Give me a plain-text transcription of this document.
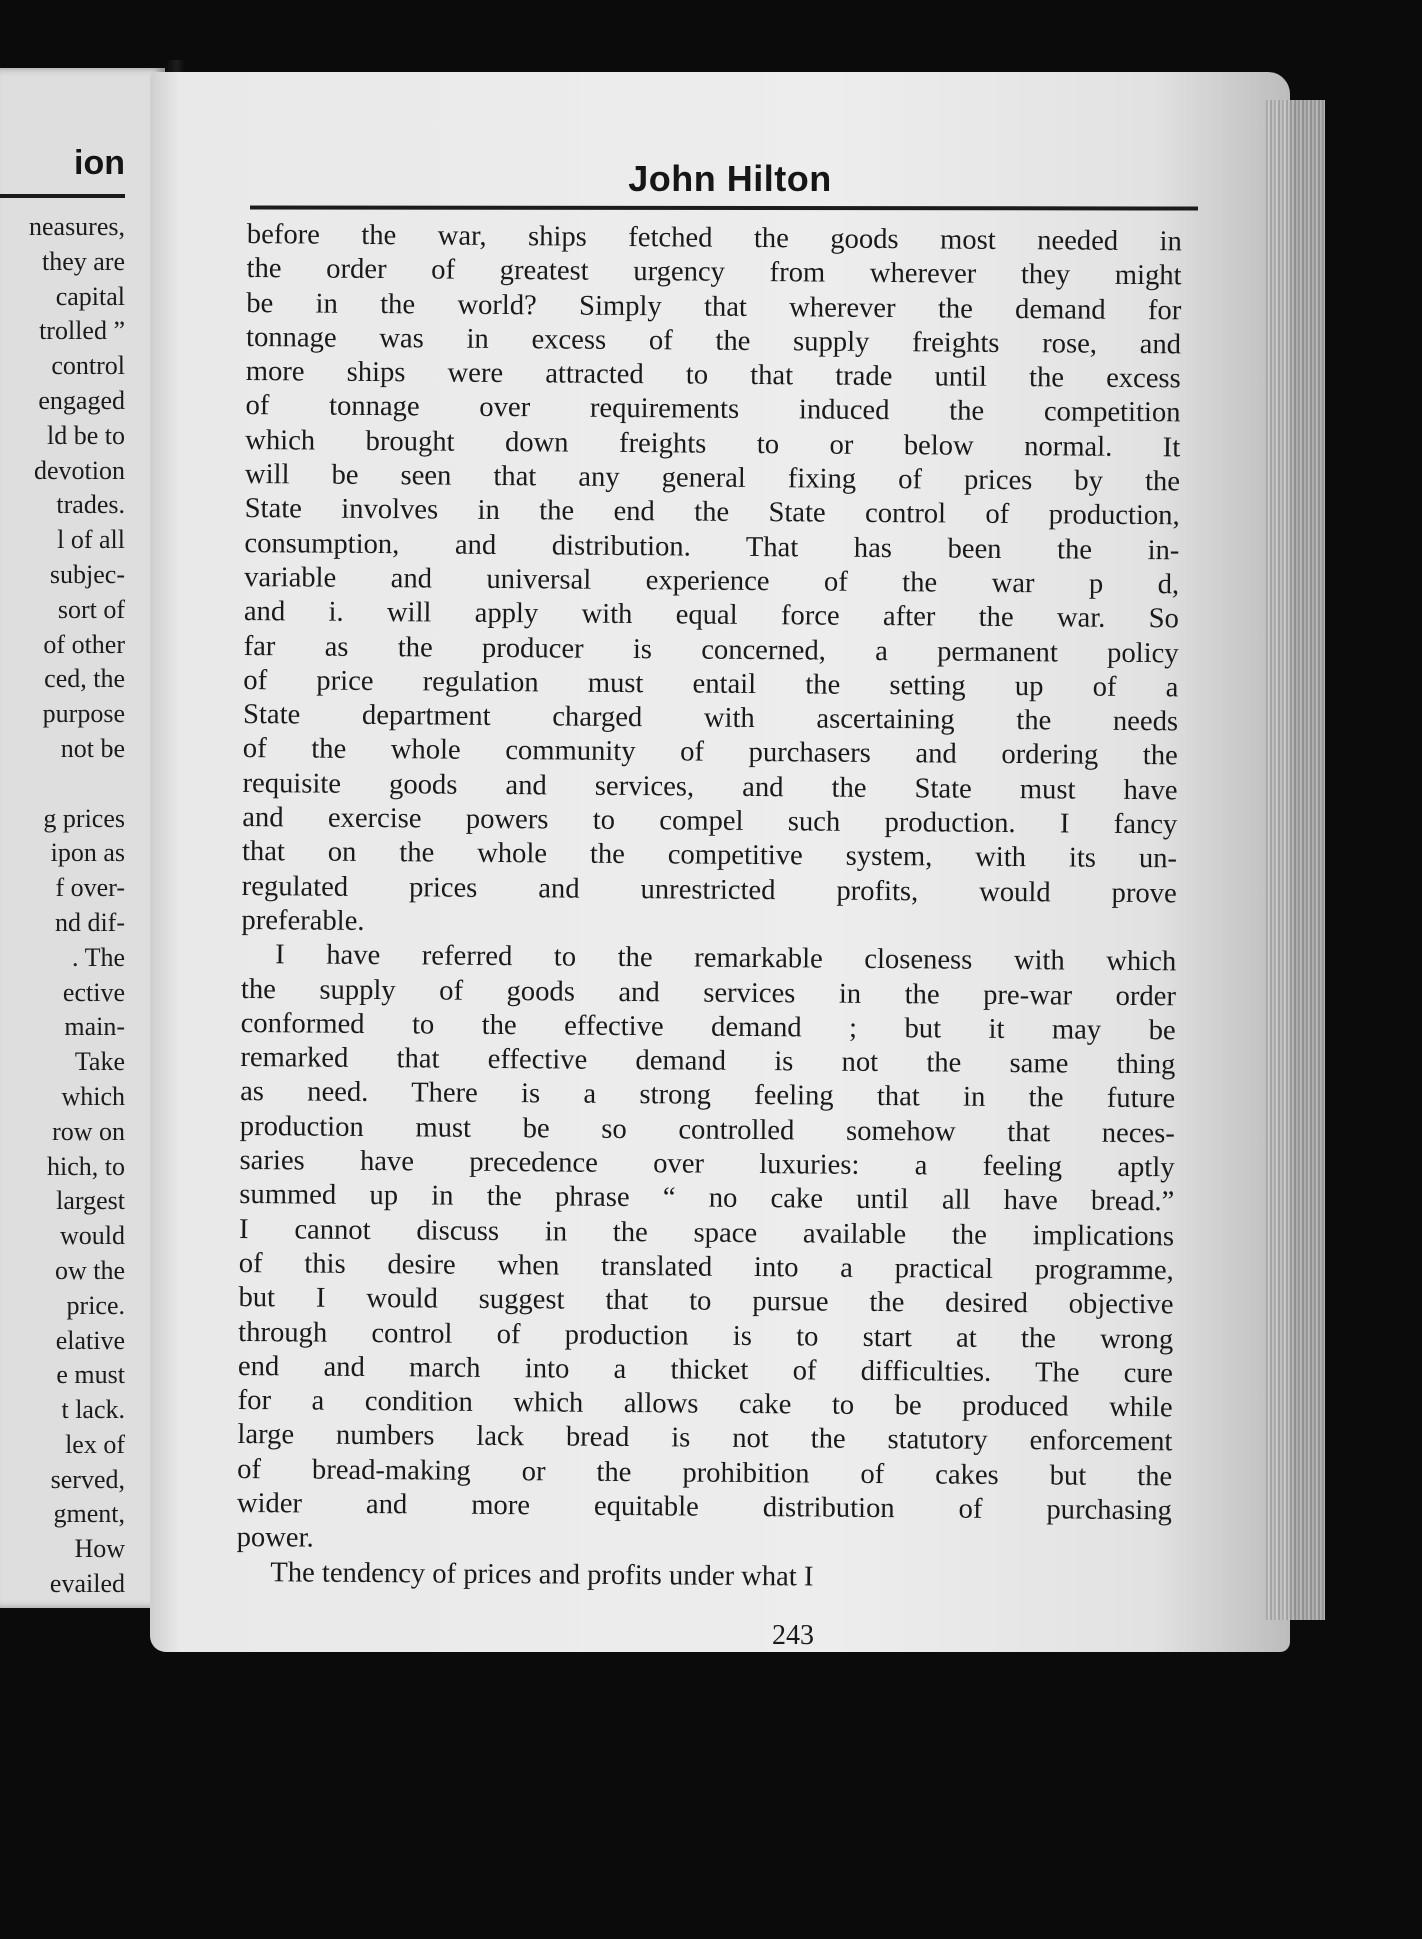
ion
neasures,
they are
capital
trolled ”
control
engaged
ld be to
devotion
trades.
l of all
subjec-
sort of
of other
ced, the
purpose
not be
g prices
ipon as
f over-
nd dif-
. The
ective
main-
Take
which
row on
hich, to
largest
would
ow the
price.
elative
e must
t lack.
lex of
served,
gment,
How
evailed
John Hilton
before the war, ships fetched the goods most needed in
the order of greatest urgency from wherever they might
be in the world? Simply that wherever the demand for
tonnage was in excess of the supply freights rose, and
more ships were attracted to that trade until the excess
of tonnage over requirements induced the competition
which brought down freights to or below normal. It
will be seen that any general fixing of prices by the
State involves in the end the State control of production,
consumption, and distribution. That has been the in-
variable and universal experience of the war p d,
and i. will apply with equal force after the war. So
far as the producer is concerned, a permanent policy
of price regulation must entail the setting up of a
State department charged with ascertaining the needs
of the whole community of purchasers and ordering the
requisite goods and services, and the State must have
and exercise powers to compel such production. I fancy
that on the whole the competitive system, with its un-
regulated prices and unrestricted profits, would prove
preferable.
I have referred to the remarkable closeness with which
the supply of goods and services in the pre-war order
conformed to the effective demand ; but it may be
remarked that effective demand is not the same thing
as need. There is a strong feeling that in the future
production must be so controlled somehow that neces-
saries have precedence over luxuries: a feeling aptly
summed up in the phrase “ no cake until all have bread.”
I cannot discuss in the space available the implications
of this desire when translated into a practical programme,
but I would suggest that to pursue the desired objective
through control of production is to start at the wrong
end and march into a thicket of difficulties. The cure
for a condition which allows cake to be produced while
large numbers lack bread is not the statutory enforcement
of bread-making or the prohibition of cakes but the
wider and more equitable distribution of purchasing
power.
The tendency of prices and profits under what I
243
